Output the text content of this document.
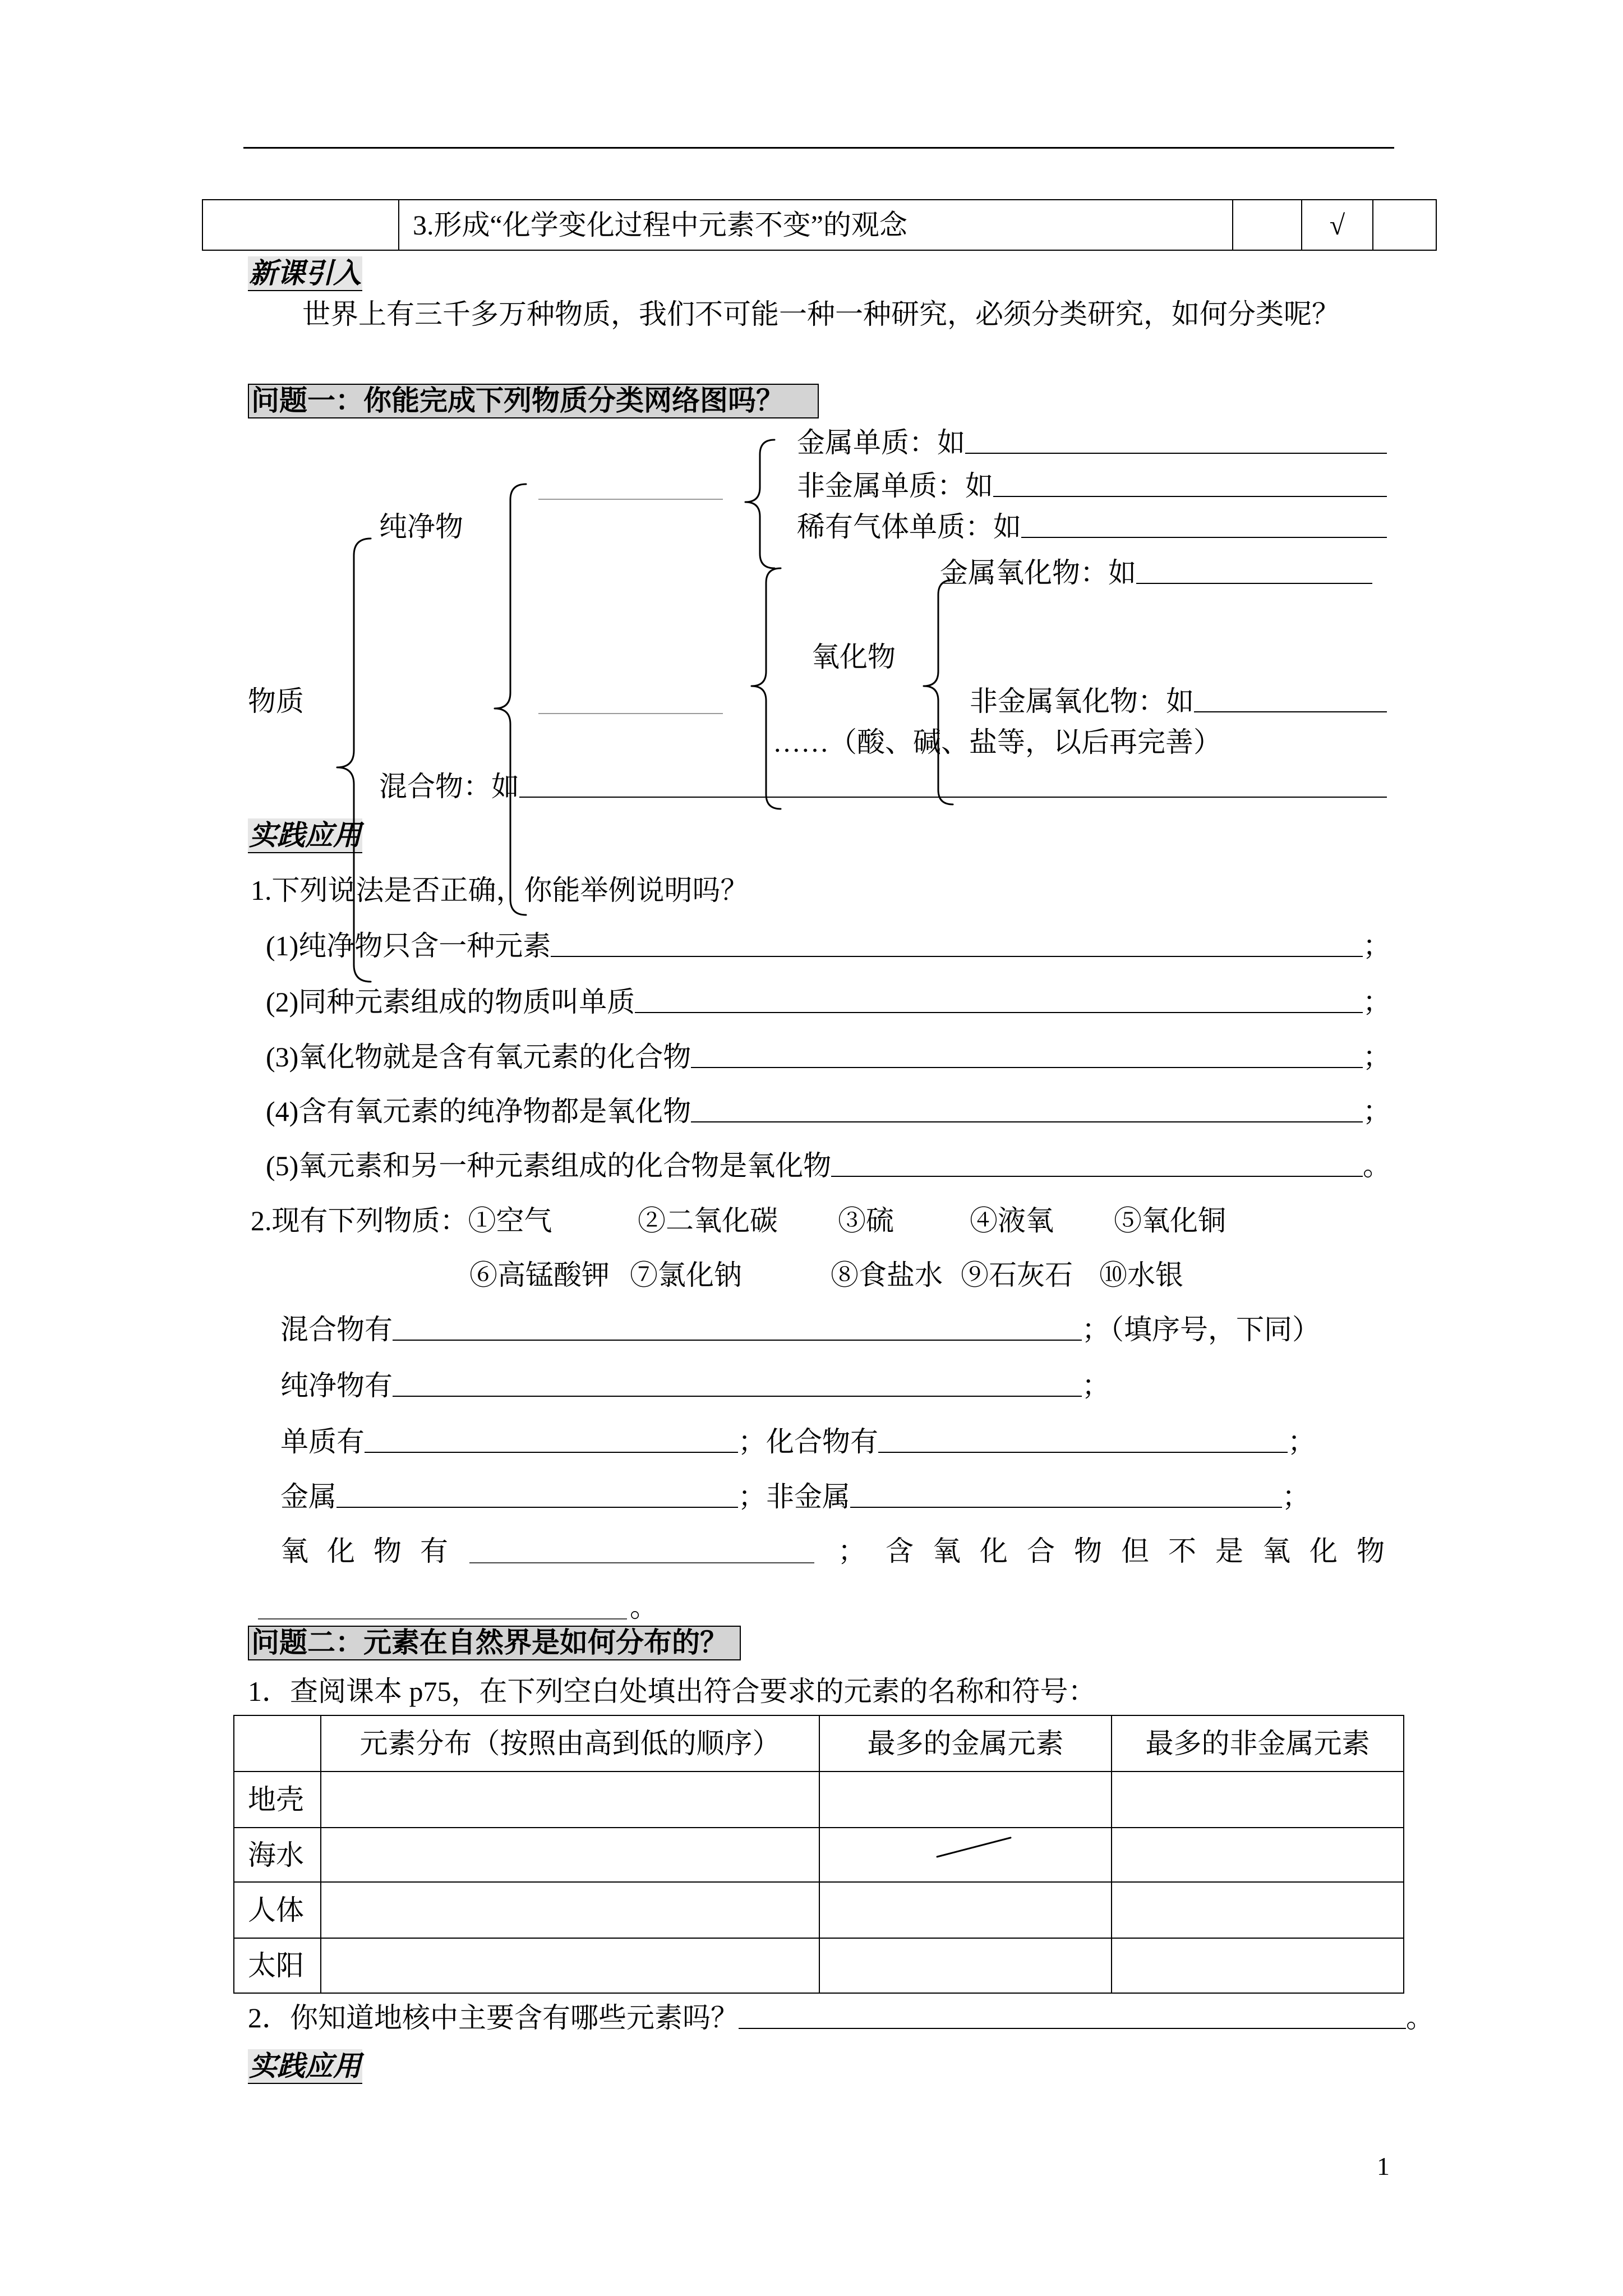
	3.形成“化学变化过程中元素不变”的观念		√	
新课引入
世界上有三千多万种物质，我们不可能一种一种研究，必须分类研究，如何分类呢？
问题一：你能完成下列物质分类网络图吗？
金属单质：如
非金属单质：如
稀有气体单质：如
金属氧化物：如
纯净物
氧化物
物质	非金属氧化物：如
……（酸、碱、盐等，以后再完善）
混合物：如
实践应用
1.下列说法是否正确，你能举例说明吗？
(1)纯净物只含一种元素	；
(2)同种元素组成的物质叫单质	；
(3)氧化物就是含有氧元素的化合物	；
(4)含有氧元素的纯净物都是氧化物	；
(5)氧元素和另一种元素组成的化合物是氧化物	。
2.现有下列物质： ①空气	②二氧化碳 ③硫	④液氧 ⑤氧化铜
⑥高锰酸钾 ⑦氯化钠	⑧食盐水 ⑨石灰石 ⑩水银
混合物有	；（填序号，下同）
纯净物有	；
单质有	；化合物有	；
金属	；非金属	；
氧化物有	； 含氧化合物但不是氧化物
。
问题二：元素在自然界是如何分布的？
1．查阅课本 p75，在下列空白处填出符合要求的元素的名称和符号：
	元素分布（按照由高到低的顺序）	最多的金属元素	最多的非金属元素
地壳			
海水			
人体			
太阳			
2．你知道地核中主要含有哪些元素吗？	。
实践应用
1
